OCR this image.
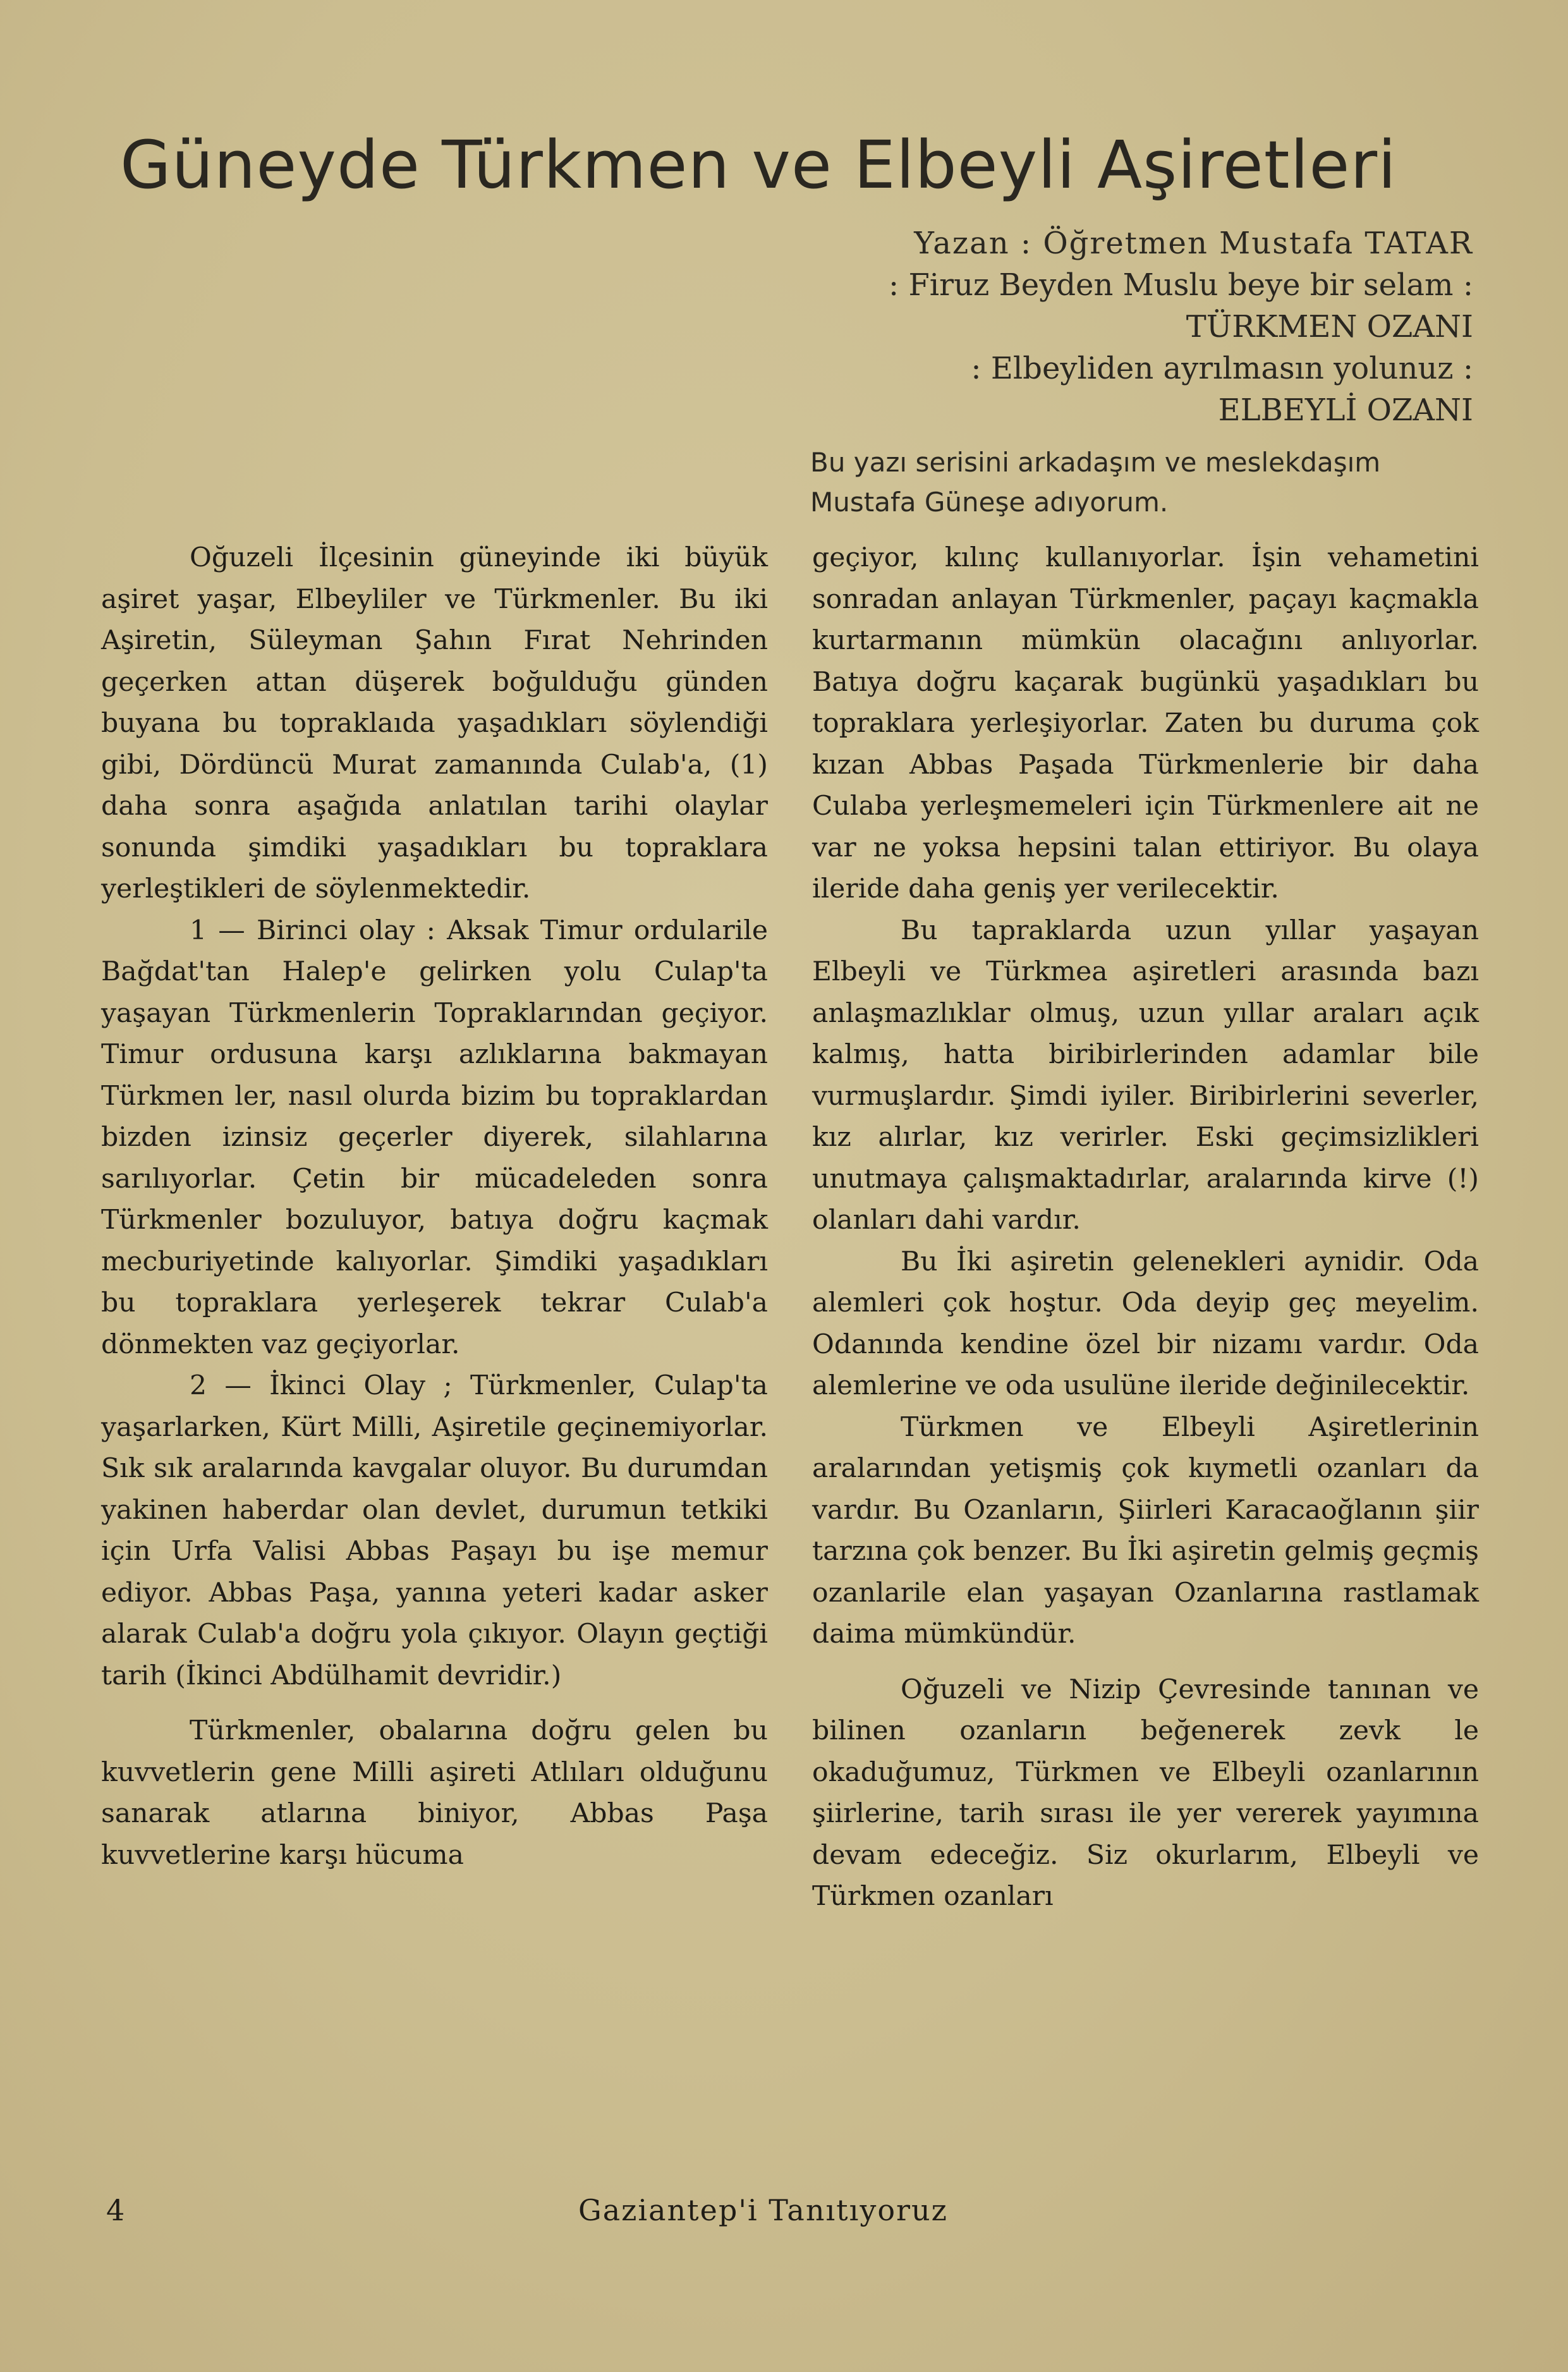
Güneyde Türkmen ve Elbeyli Aşiretleri
Yazan : Öğretmen Mustafa TATAR
: Firuz Beyden Muslu beye bir selam :
TÜRKMEN OZANI
: Elbeyliden ayrılmasın yolunuz :
ELBEYLİ OZANI
Bu yazı serisini arkadaşım ve meslekdaşım Mustafa Güneşe adıyorum.

Oğuzeli İlçesinin güneyinde iki büyük aşiret yaşar, Elbeyliler ve Türkmenler. Bu iki Aşiretin, Süleyman Şahın Fırat Nehrinden geçerken attan düşerek boğulduğu günden buyana bu topraklaıda yaşadıkları söylendiği gibi, Dördüncü Murat zamanında Culab'a, (1) daha sonra aşağıda anlatılan tarihi olaylar sonunda şimdiki yaşadıkları bu topraklara yerleştikleri de söylenmektedir.

1 — Birinci olay : Aksak Timur ordularile Bağdat'tan Halep'e gelirken yolu Culap'ta yaşayan Türkmenlerin Topraklarından geçiyor. Timur ordusuna karşı azlıklarına bakmayan Türkmen ler, nasıl olurda bizim bu topraklardan bizden izinsiz geçerler diyerek, silahlarına sarılıyorlar. Çetin bir mücadeleden sonra Türkmenler bozuluyor, batıya doğru kaçmak mecburiyetinde kalıyorlar. Şimdiki yaşadıkları bu topraklara yerleşerek tekrar Culab'a dönmekten vaz geçiyorlar.

2 — İkinci Olay ; Türkmenler, Culap'ta yaşarlarken, Kürt Milli, Aşiretile geçinemiyorlar. Sık sık aralarında kavgalar oluyor. Bu durumdan yakinen haberdar olan devlet, durumun tetkiki için Urfa Valisi Abbas Paşayı bu işe memur ediyor. Abbas Paşa, yanına yeteri kadar asker alarak Culab'a doğru yola çıkıyor. Olayın geçtiği tarih (İkinci Abdülhamit devridir.)

Türkmenler, obalarına doğru gelen bu kuvvetlerin gene Milli aşireti Atlıları olduğunu sanarak atlarına biniyor, Abbas Paşa kuvvetlerine karşı hücuma

geçiyor, kılınç kullanıyorlar. İşin vehametini sonradan anlayan Türkmenler, paçayı kaçmakla kurtarmanın mümkün olacağını anlıyorlar. Batıya doğru kaçarak bugünkü yaşadıkları bu topraklara yerleşiyorlar. Zaten bu duruma çok kızan Abbas Paşada Türkmenlerie bir daha Culaba yerleşmemeleri için Türkmenlere ait ne var ne yoksa hepsini talan ettiriyor. Bu olaya ileride daha geniş yer verilecektir.

Bu tapraklarda uzun yıllar yaşayan Elbeyli ve Türkmea aşiretleri arasında bazı anlaşmazlıklar olmuş, uzun yıllar araları açık kalmış, hatta biribirlerinden adamlar bile vurmuşlardır. Şimdi iyiler. Biribirlerini severler, kız alırlar, kız verirler. Eski geçimsizlikleri unutmaya çalışmaktadırlar, aralarında kirve (!) olanları dahi vardır.

Bu İki aşiretin gelenekleri aynidir. Oda alemleri çok hoştur. Oda deyip geç meyelim. Odanında kendine özel bir nizamı vardır. Oda alemlerine ve oda usulüne ileride değinilecektir.

Türkmen ve Elbeyli Aşiretlerinin aralarından yetişmiş çok kıymetli ozanları da vardır. Bu Ozanların, Şiirleri Karacaoğlanın şiir tarzına çok benzer. Bu İki aşiretin gelmiş geçmiş ozanlarile elan yaşayan Ozanlarına rastlamak daima mümkündür.

Oğuzeli ve Nizip Çevresinde tanınan ve bilinen ozanların beğenerek zevk le okaduğumuz, Türkmen ve Elbeyli ozanlarının şiirlerine, tarih sırası ile yer vererek yayımına devam edeceğiz. Siz okurlarım, Elbeyli ve Türkmen ozanları

4	Gaziantep'i Tanıtıyoruz
